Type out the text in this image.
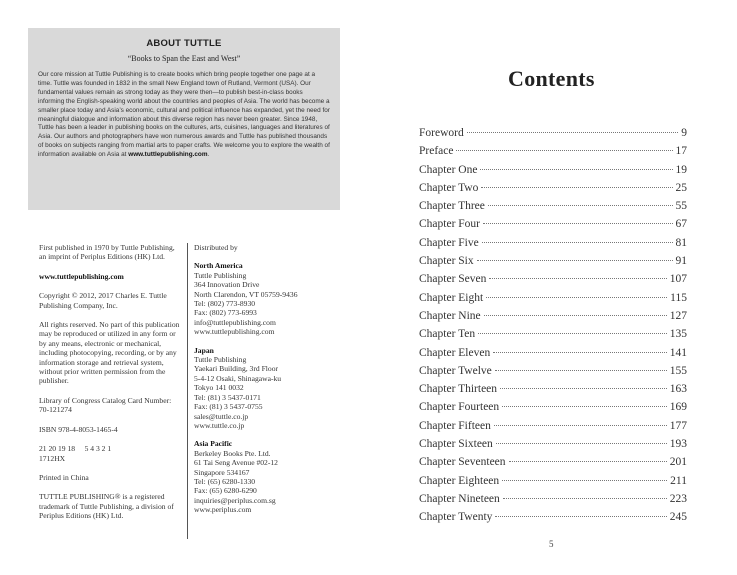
ABOUT TUTTLE
“Books to Span the East and West”
Our core mission at Tuttle Publishing is to create books which bring people together one page at a time. Tuttle was founded in 1832 in the small New England town of Rutland, Vermont (USA). Our fundamental values remain as strong today as they were then—to publish best-in-class books informing the English-speaking world about the countries and peoples of Asia. The world has become a smaller place today and Asia’s economic, cultural and political influence has expanded, yet the need for meaningful dialogue and information about this diverse region has never been greater. Since 1948, Tuttle has been a leader in publishing books on the cultures, arts, cuisines, languages and literatures of Asia. Our authors and photographers have won numerous awards and Tuttle has published thousands of books on subjects ranging from martial arts to paper crafts. We welcome you to explore the wealth of information available on Asia at www.tuttlepublishing.com.

First published in 1970 by Tuttle Publishing, an imprint of Periplus Editions (HK) Ltd.

www.tuttlepublishing.com

Copyright © 2012, 2017 Charles E. Tuttle Publishing Company, Inc.

All rights reserved. No part of this publication may be reproduced or utilized in any form or by any means, electronic or mechanical, including photocopying, recording, or by any information storage and retrieval system, without prior written permission from the publisher.

Library of Congress Catalog Card Number: 70-121274

ISBN 978-4-8053-1465-4

21 20 19 18     5 4 3 2 1
1712HX

Printed in China

TUTTLE PUBLISHING® is a registered trademark of Tuttle Publishing, a division of Periplus Editions (HK) Ltd.

Distributed by
North America
Tuttle Publishing
364 Innovation Drive
North Clarendon, VT 05759-9436
Tel: (802) 773-8930
Fax: (802) 773-6993
info@tuttlepublishing.com
www.tuttlepublishing.com
Japan
Tuttle Publishing
Yaekari Building, 3rd Floor
5-4-12 Osaki, Shinagawa-ku
Tokyo 141 0032
Tel: (81) 3 5437-0171
Fax: (81) 3 5437-0755
sales@tuttle.co.jp
www.tuttle.co.jp
Asia Pacific
Berkeley Books Pte. Ltd.
61 Tai Seng Avenue #02-12
Singapore 534167
Tel: (65) 6280-1330
Fax: (65) 6280-6290
inquiries@periplus.com.sg
www.periplus.com
Contents
Foreword	9
Preface	17
Chapter One	19
Chapter Two	25
Chapter Three	55
Chapter Four	67
Chapter Five	81
Chapter Six	91
Chapter Seven	107
Chapter Eight	115
Chapter Nine	127
Chapter Ten	135
Chapter Eleven	141
Chapter Twelve	155
Chapter Thirteen	163
Chapter Fourteen	169
Chapter Fifteen	177
Chapter Sixteen	193
Chapter Seventeen	201
Chapter Eighteen	211
Chapter Nineteen	223
Chapter Twenty	245
5
